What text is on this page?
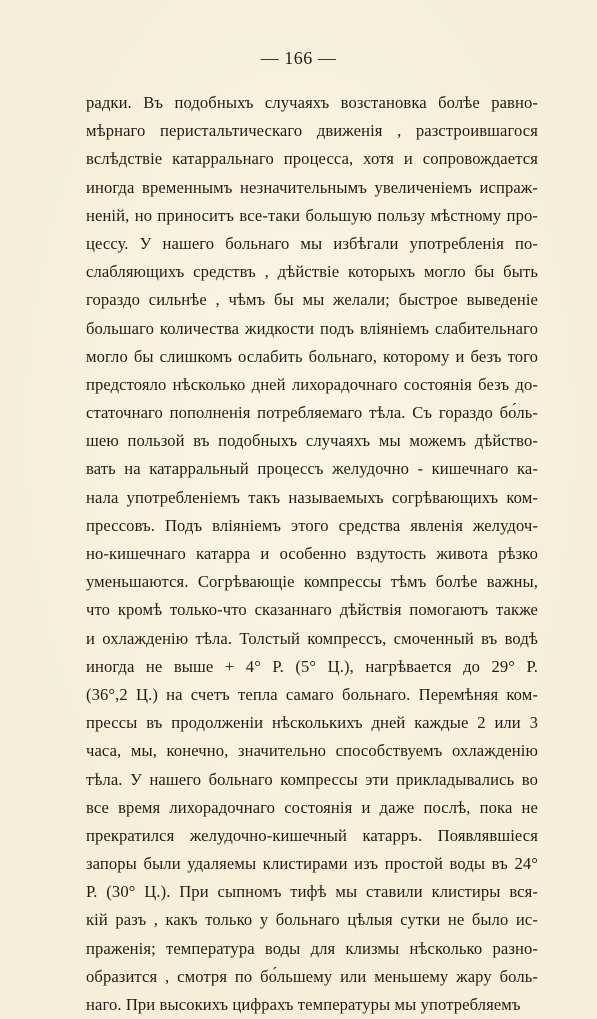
— 166 —
радки. Въ подобныхъ случаяхъ возстановка болѣе равно-
мѣрнаго перистальтическаго движенія , разстроившагося
вслѣдствіе катарральнаго процесса, хотя и сопровождается
иногда временнымъ незначительнымъ увеличеніемъ испраж-
неній, но приноситъ все-таки большую пользу мѣстному про-
цессу. У нашего больнаго мы избѣгали употребленія по-
слабляющихъ средствъ , дѣйствіе которыхъ могло бы быть
гораздо сильнѣе , чѣмъ бы мы желали; быстрое выведеніе
большаго количества жидкости подъ вліяніемъ слабительнаго
могло бы слишкомъ ослабить больнаго, которому и безъ того
предстояло нѣсколько дней лихорадочнаго состоянія безъ до-
статочнаго пополненія потребляемаго тѣла. Съ гораздо бо́ль-
шею пользой въ подобныхъ случаяхъ мы можемъ дѣйство-
вать на катарральный процессъ желудочно - кишечнаго ка-
нала употребленіемъ такъ называемыхъ согрѣвающихъ ком-
прессовъ. Подъ вліяніемъ этого средства явленія желудоч-
но-кишечнаго катарра и особенно вздутость живота рѣзко
уменьшаются. Согрѣвающіе компрессы тѣмъ болѣе важны,
что кромѣ только-что сказаннаго дѣйствія помогаютъ также
и охлажденію тѣла. Толстый компрессъ, смоченный въ водѣ
иногда не выше + 4° Р. (5° Ц.), нагрѣвается до 29° Р.
(36°,2 Ц.) на счетъ тепла самаго больнаго. Перемѣняя ком-
прессы въ продолженіи нѣсколькихъ дней каждые 2 или 3
часа, мы, конечно, значительно способствуемъ охлажденію
тѣла. У нашего больнаго компрессы эти прикладывались во
все время лихорадочнаго состоянія и даже послѣ, пока не
прекратился желудочно-кишечный катарръ. Появлявшіеся
запоры были удаляемы клистирами изъ простой воды въ 24°
Р. (30° Ц.). При сыпномъ тифѣ мы ставили клистиры вся-
кій разъ , какъ только у больнаго цѣлыя сутки не было ис-
праженія; температура воды для клизмы нѣсколько разно-
образится , смотря по бо́льшему или меньшему жару боль-
наго. При высокихъ цифрахъ температуры мы употребляемъ
